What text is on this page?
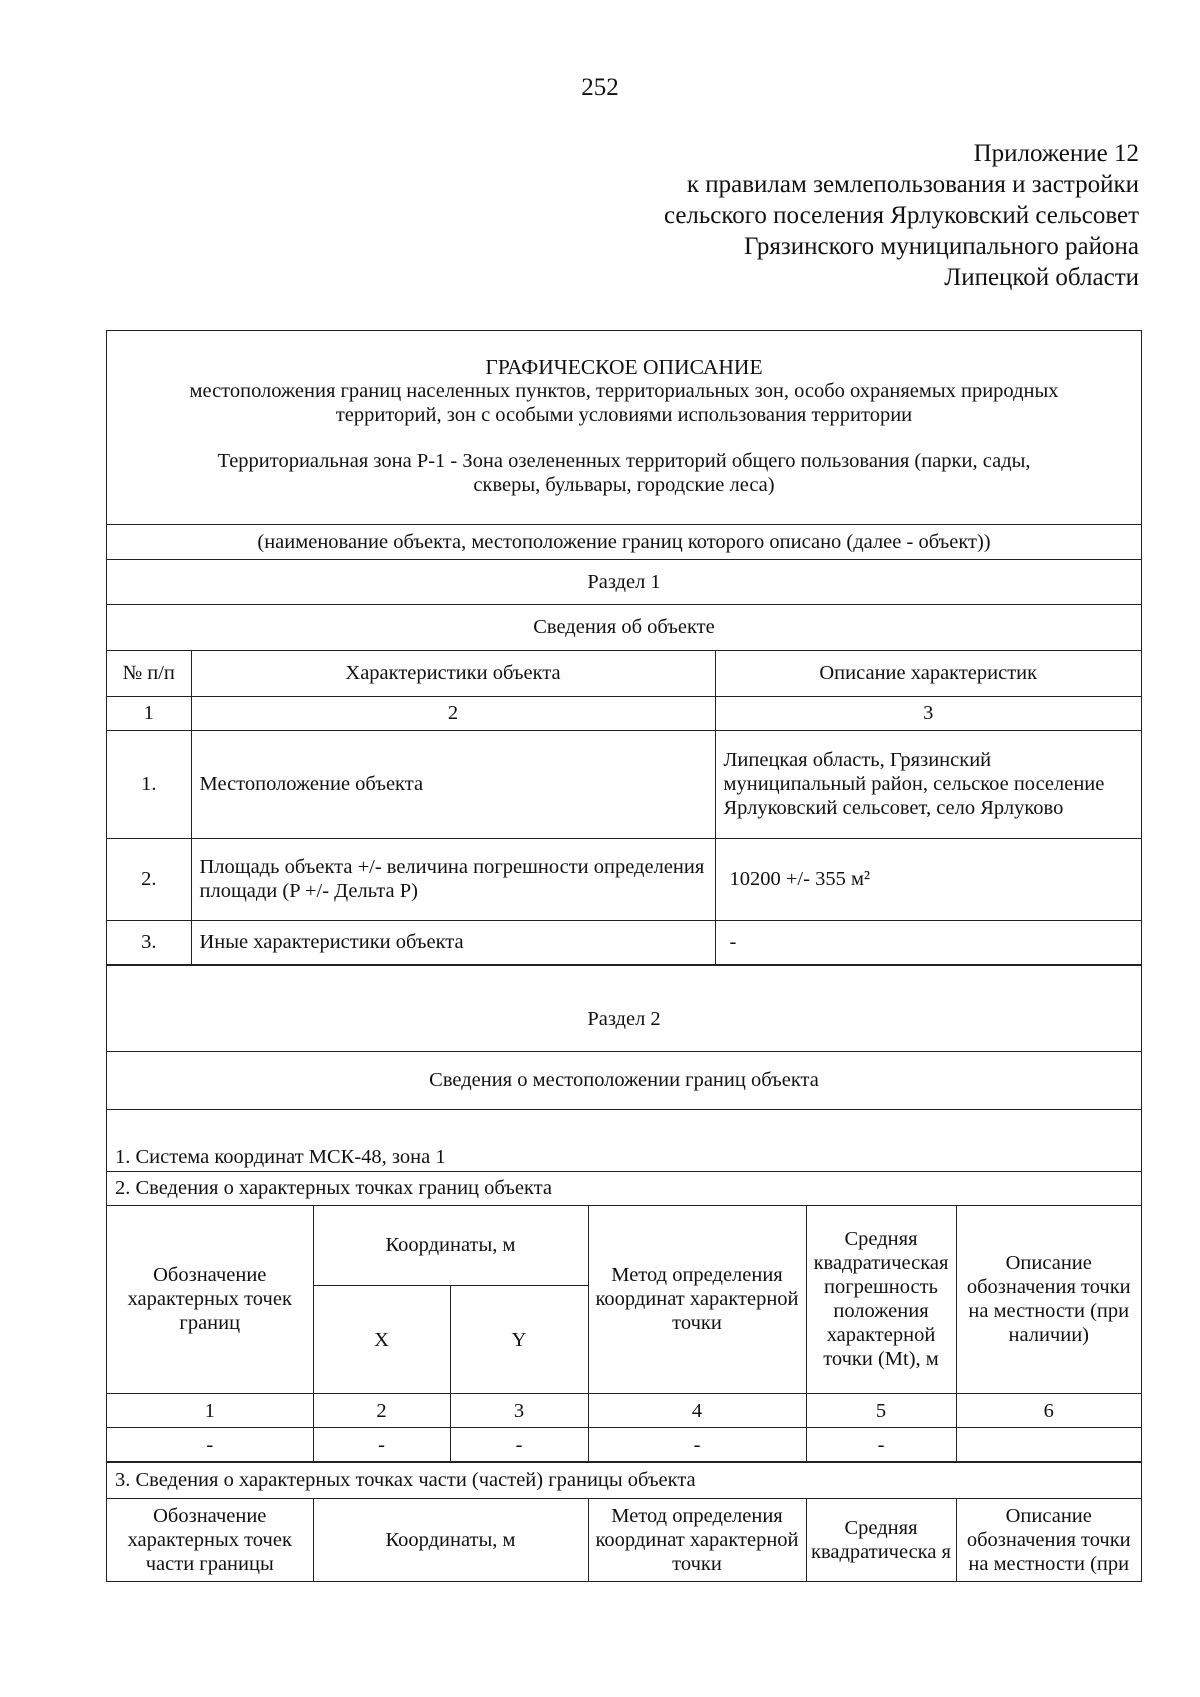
252
Приложение 12
к правилам землепользования и застройки
сельского поселения Ярлуковский сельсовет
Грязинского муниципального района
Липецкой области
ГРАФИЧЕСКОЕ ОПИСАНИЕ
местоположения границ населенных пунктов, территориальных зон, особо охраняемых природных
территорий, зон с особыми условиями использования территории
Территориальная зона Р-1 - Зона озелененных территорий общего пользования (парки, сады,
скверы, бульвары, городские леса)
(наименование объекта, местоположение границ которого описано (далее - объект))
Раздел 1
Сведения об объекте
№ п/п	Характеристики объекта	Описание характеристик
1	2	3
1.	Местоположение объекта	Липецкая область, Грязинский муниципальный район, сельское поселение Ярлуковский сельсовет, село Ярлуково
2.	Площадь объекта +/- величина погрешности определения площади (P +/- Дельта P)	10200 +/- 355 м²
3.	Иные характеристики объекта	-
Раздел 2
Сведения о местоположении границ объекта
1. Система координат МСК-48, зона 1
2. Сведения о характерных точках границ объекта
Обозначение характерных точек границ	Координаты, м		Метод определения координат характерной точки	Средняя квадратическая погрешность положения характерной точки (Mt), м	Описание обозначения точки на местности (при наличии)
	X	Y			
1	2	3	4	5	6
-	-	-	-	-	
3. Сведения о характерных точках части (частей) границы объекта
Обозначение характерных точек части границы	Координаты, м	Метод определения координат характерной точки	Средняя квадратическа я	Описание обозначения точки на местности (при
